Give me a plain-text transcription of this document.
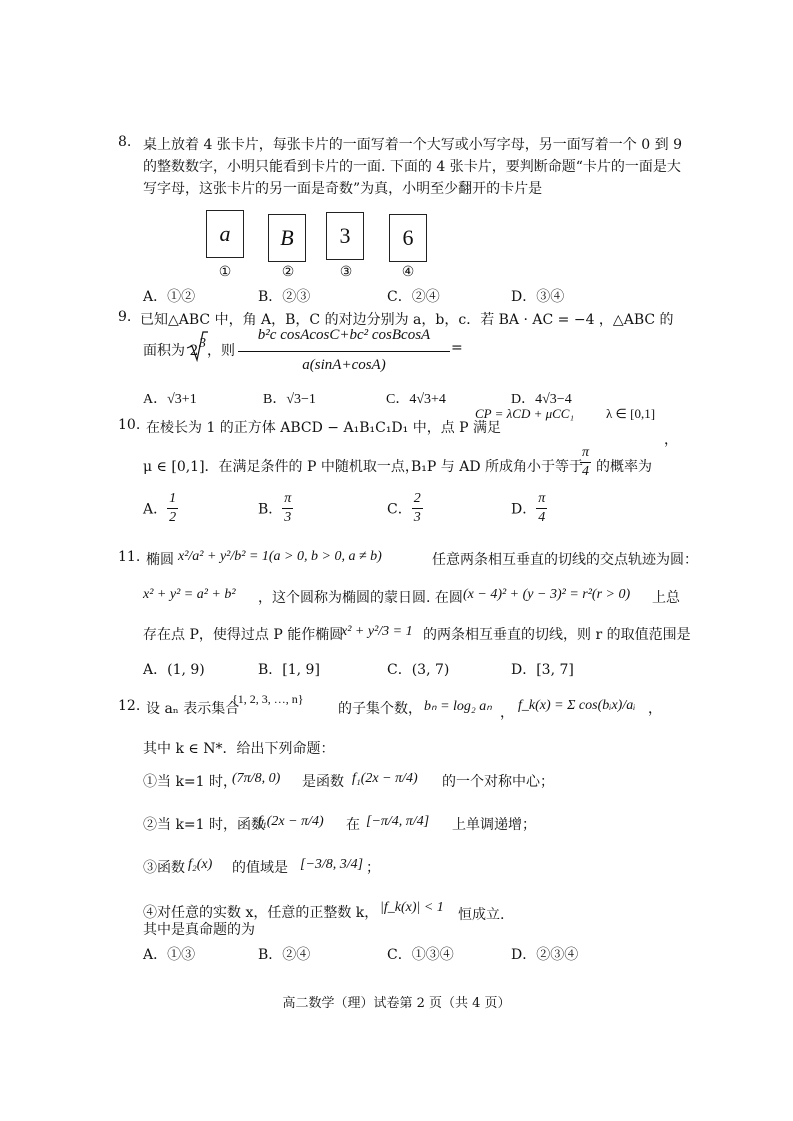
8. 桌上放着 4 张卡片，每张卡片的一面写着一个大写或小写字母，另一面写着一个 0 到 9
的整数数字，小明只能看到卡片的一面. 下面的 4 张卡片，要判断命题“卡片的一面是大
写字母，这张卡片的另一面是奇数”为真，小明至少翻开的卡片是
a	B	3	6
①	②	③	④
A．①②	B．②③	C．②④	D．③④
9. 已知△ABC 中，角 A，B，C 的对边分别为 a，b，c．若 BA · AC = −4 ，△ABC 的
面积为 2 3 ，则
b²c cosAcosC+bc² cosBcosA
a(sinA+cosA)
=
A．√3+1	B．√3−1	C．4√3+4	D．4√3−4
10. 在棱长为 1 的正方体 ABCD − A₁B₁C₁D₁ 中，点 P 满足
CP = λCD + μCC₁ λ ∈ [0,1]
，
μ ∈ [0,1]．在满足条件的 P 中随机取一点，
B₁P 与 AD 所成角小于等于
$\frac{\pi}{4}$ 的概率为
A． $\frac{1}{2}$	B． $\frac{\pi}{3}$	C． $\frac{2}{3}$	D． $\frac{\pi}{4}$
11. 椭圆 x²/a² + y²/b² = 1(a > 0, b > 0, a ≠ b)	任意两条相互垂直的切线的交点轨迹为圆：
x² + y² = a² + b² ，这个圆称为椭圆的蒙日圆. 在圆 (x − 4)² + (y − 3)² = r²(r > 0) 上总
存在点 P，使得过点 P 能作椭圆
x² + y²/3 = 1 的两条相互垂直的切线，则 r 的取值范围是
A．(1, 9)	B．[1, 9]	C．(3, 7)	D．[3, 7]
12. 设 aₙ 表示集合
{1, 2, 3, …, n}
的子集个数， bₙ = log₂ aₙ ， f_k(x) = Σ cos(bᵢx)/aᵢ ，
其中 k ∈ N*．给出下列命题：
①当 k=1 时，
(7π/8, 0) 是函数 f₁(2x − π/4) 的一个对称中心；
②当 k=1 时，函数
f₁(2x − π/4) 在 [−π/4, π/4] 上单调递增；
③函数 f₂(x) 的值域是 [−3/8, 3/4] ；
④对任意的实数 x，任意的正整数 k， |f_k(x)| < 1 恒成立.
其中是真命题的为
A．①③	B．②④	C．①③④	D．②③④
高二数学（理）试卷第 2 页（共 4 页）
